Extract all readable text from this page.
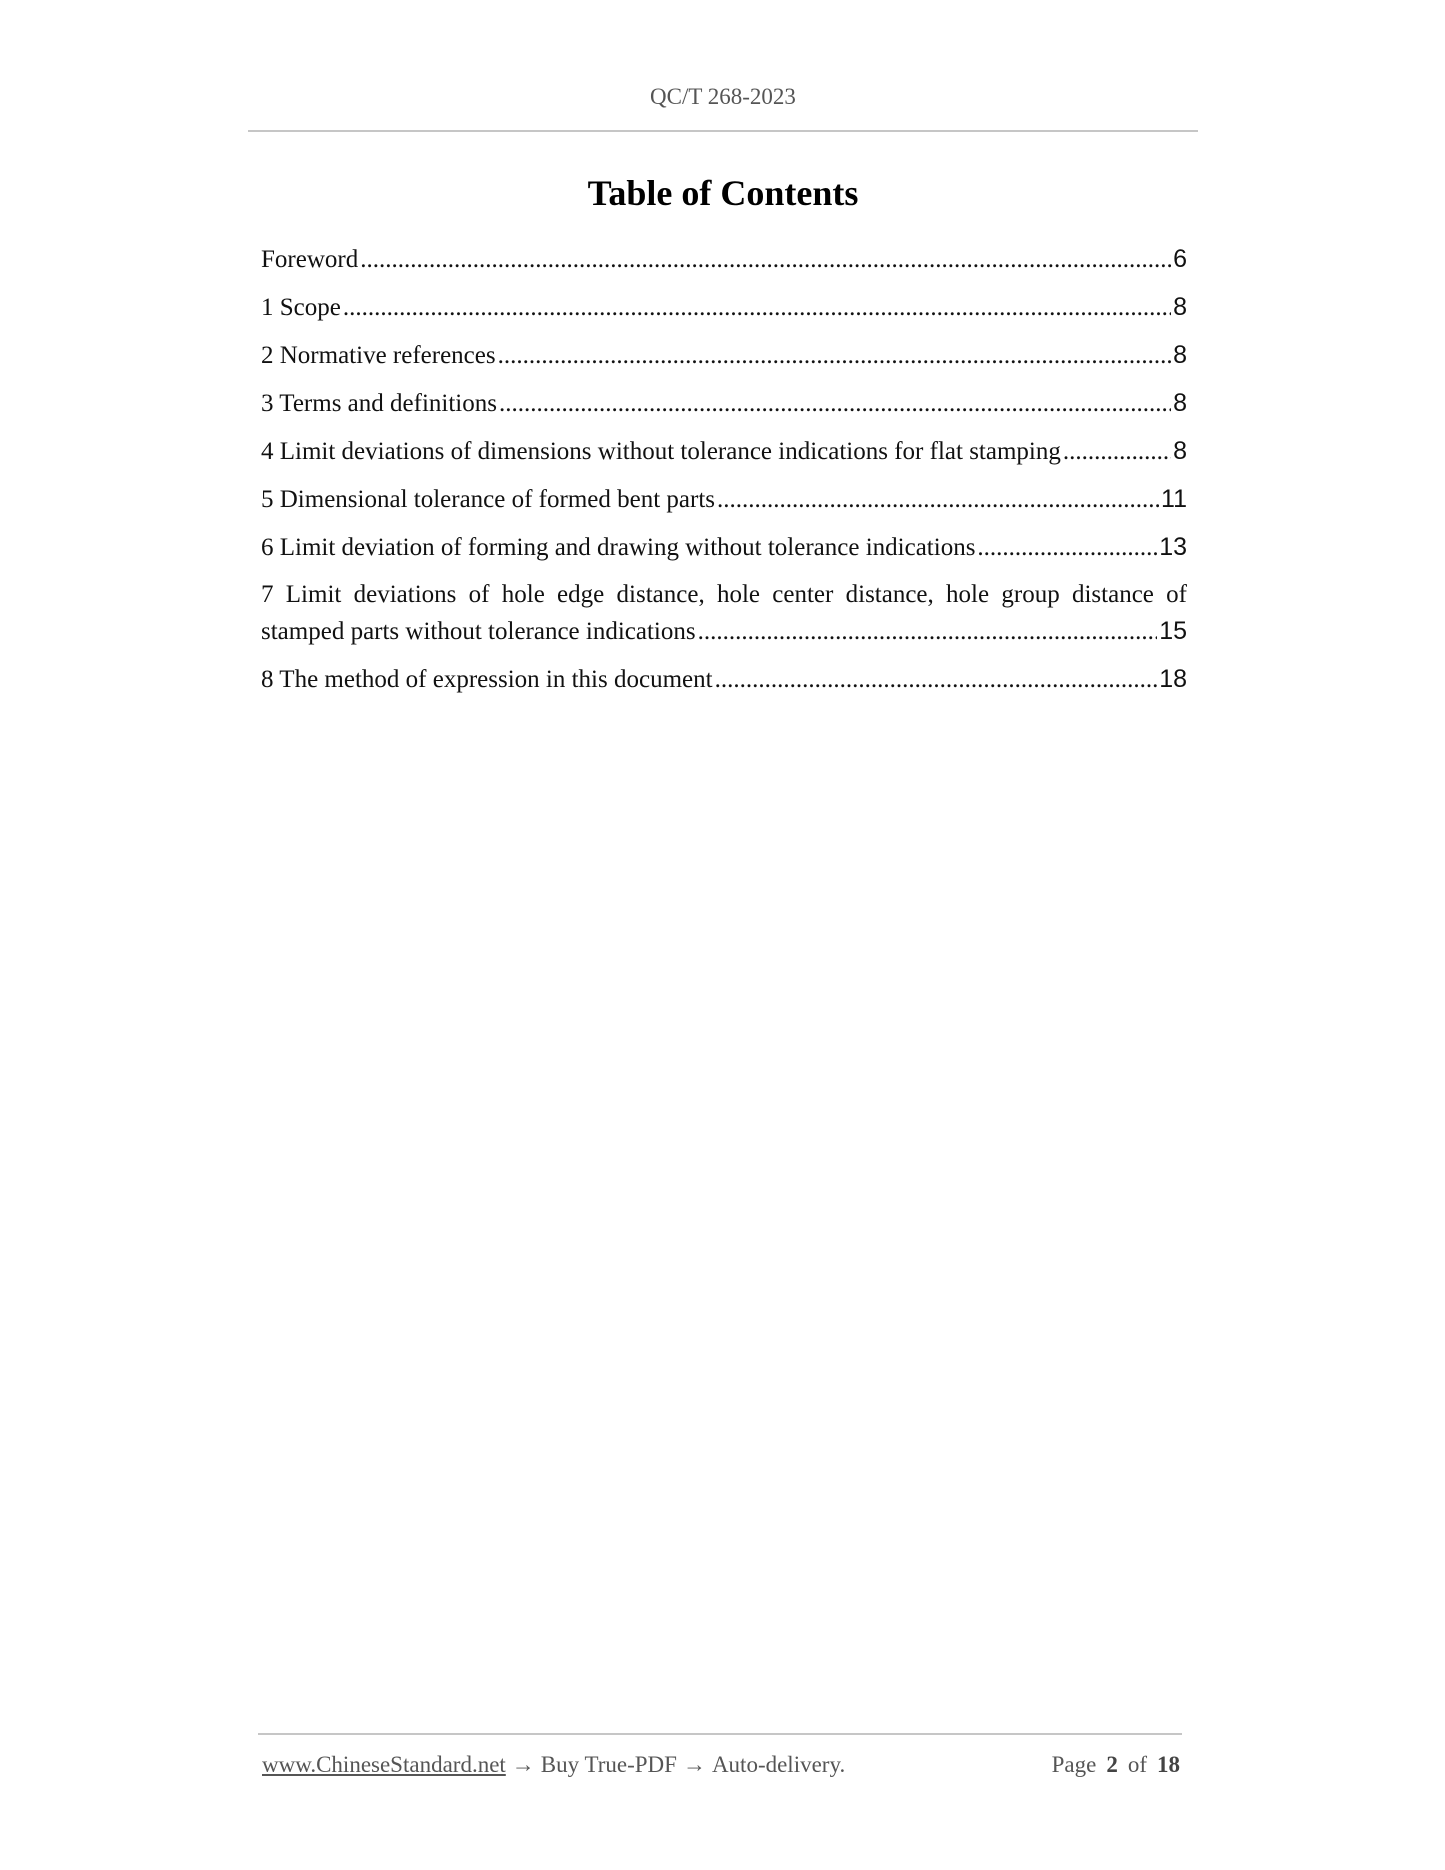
QC/T 268-2023
Table of Contents
Foreword .....	6
1 Scope .....	8
2 Normative references .....	8
3 Terms and definitions .....	8
4 Limit deviations of dimensions without tolerance indications for flat stamping .....	8
5 Dimensional tolerance of formed bent parts .....	11
6 Limit deviation of forming and drawing without tolerance indications .....	13
7 Limit deviations of hole edge distance, hole center distance, hole group distance of
stamped parts without tolerance indications .....	15
8 The method of expression in this document .....	18
www.ChineseStandard.net → Buy True-PDF → Auto-delivery.	Page 2 of 18
